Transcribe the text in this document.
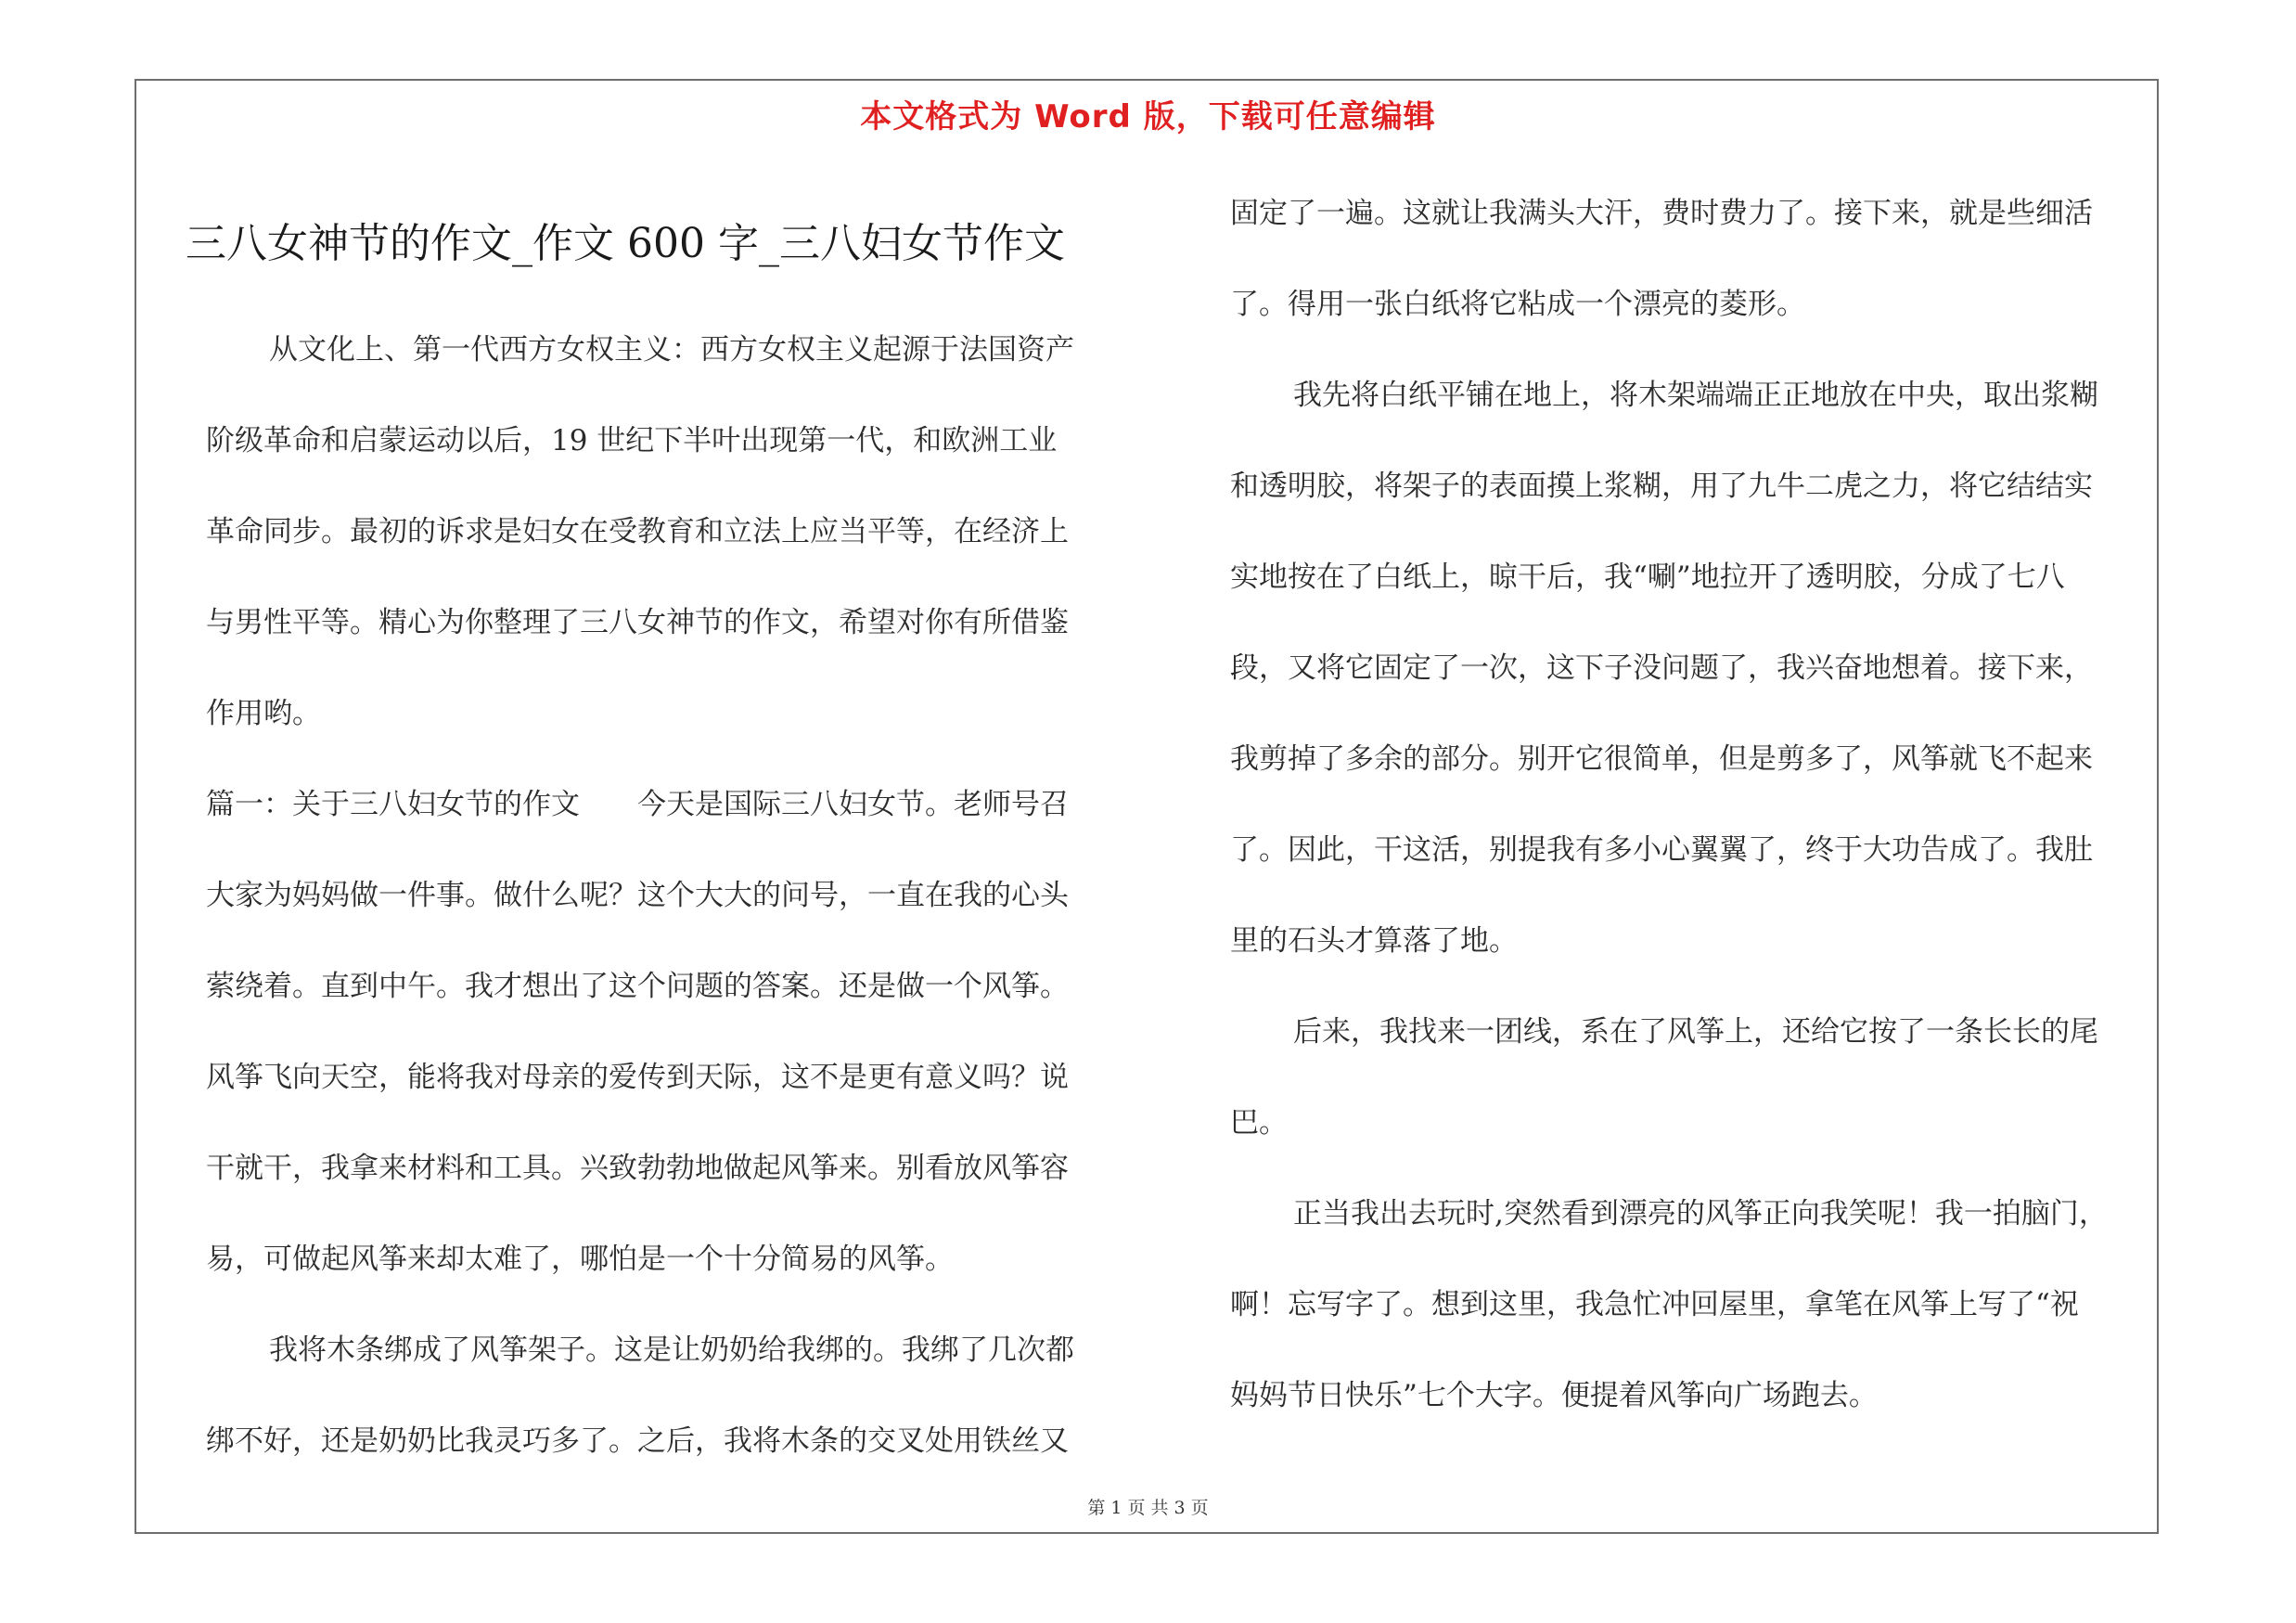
本文格式为 Word 版，下载可任意编辑
三八女神节的作文_作文 600 字_三八妇女节作文
从文化上、第一代西方女权主义：西方女权主义起源于法国资产
阶级革命和启蒙运动以后，19 世纪下半叶出现第一代，和欧洲工业
革命同步。最初的诉求是妇女在受教育和立法上应当平等，在经济上
与男性平等。精心为你整理了三八女神节的作文，希望对你有所借鉴
作用哟。
篇一：关于三八妇女节的作文　　今天是国际三八妇女节。老师号召
大家为妈妈做一件事。做什么呢？这个大大的问号，一直在我的心头
萦绕着。直到中午。我才想出了这个问题的答案。还是做一个风筝。
风筝飞向天空，能将我对母亲的爱传到天际，这不是更有意义吗？说
干就干，我拿来材料和工具。兴致勃勃地做起风筝来。别看放风筝容
易，可做起风筝来却太难了，哪怕是一个十分简易的风筝。
我将木条绑成了风筝架子。这是让奶奶给我绑的。我绑了几次都
绑不好，还是奶奶比我灵巧多了。之后，我将木条的交叉处用铁丝又
固定了一遍。这就让我满头大汗，费时费力了。接下来，就是些细活
了。得用一张白纸将它粘成一个漂亮的菱形。
我先将白纸平铺在地上，将木架端端正正地放在中央，取出浆糊
和透明胶，将架子的表面摸上浆糊，用了九牛二虎之力，将它结结实
实地按在了白纸上，晾干后，我“唰”地拉开了透明胶，分成了七八
段，又将它固定了一次，这下子没问题了，我兴奋地想着。接下来，
我剪掉了多余的部分。别开它很简单，但是剪多了，风筝就飞不起来
了。因此，干这活，别提我有多小心翼翼了，终于大功告成了。我肚
里的石头才算落了地。
后来，我找来一团线，系在了风筝上，还给它按了一条长长的尾
巴。
正当我出去玩时,突然看到漂亮的风筝正向我笑呢！我一拍脑门，
啊！忘写字了。想到这里，我急忙冲回屋里，拿笔在风筝上写了“祝
妈妈节日快乐”七个大字。便提着风筝向广场跑去。
第 1 页 共 3 页
